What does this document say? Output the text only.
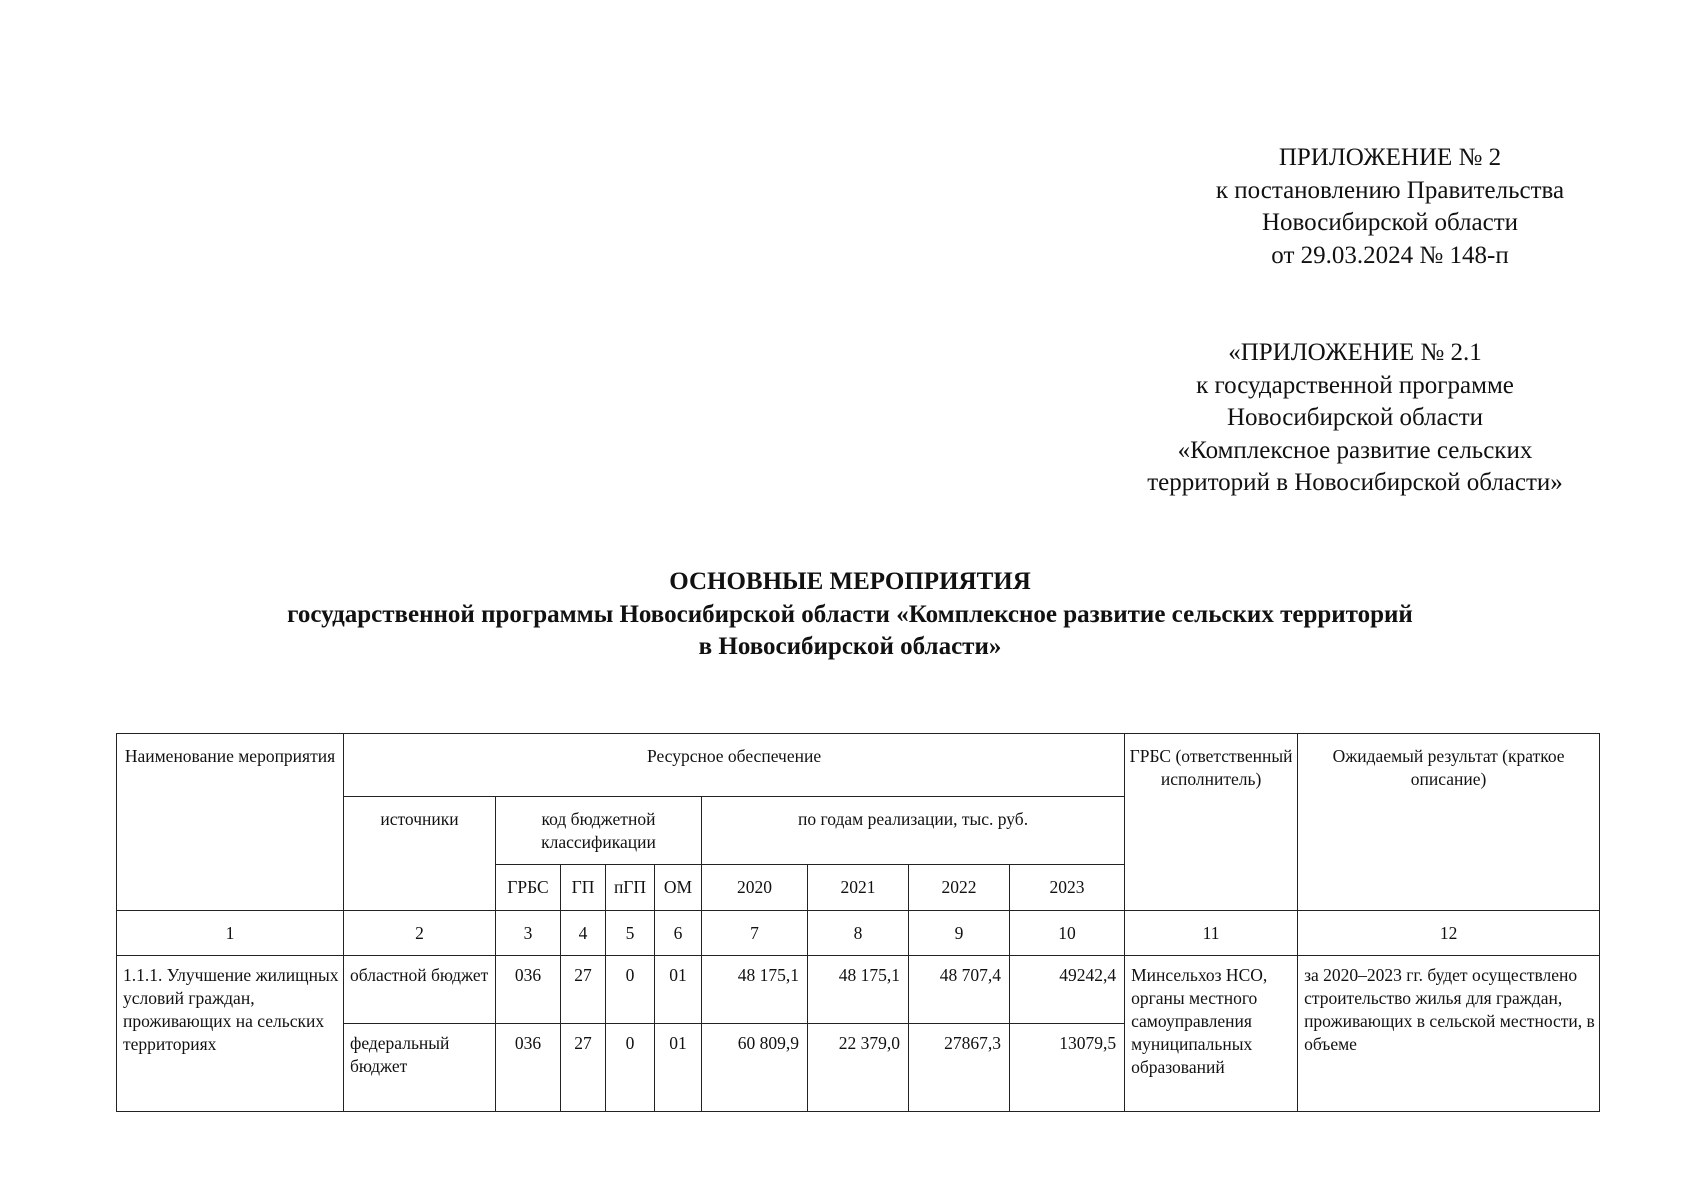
ПРИЛОЖЕНИЕ № 2
к постановлению Правительства
Новосибирской области
от 29.03.2024 № 148-п
«ПРИЛОЖЕНИЕ № 2.1
к государственной программе
Новосибирской области
«Комплексное развитие сельских
территорий в Новосибирской области»
ОСНОВНЫЕ МЕРОПРИЯТИЯ
государственной программы Новосибирской области «Комплексное развитие сельских территорий
в Новосибирской области»
Наименование мероприятия	Ресурсное обеспечение									ГРБС (ответственный исполнитель)	Ожидаемый результат (краткое описание)
	источники	код бюджетной классификации				по годам реализации, тыс. руб.					
		ГРБС	ГП	пГП	ОМ	2020	2021	2022	2023		
1	2	3	4	5	6	7	8	9	10	11	12
1.1.1. Улучшение жилищных условий граждан, проживающих на сельских территориях	областной бюджет	036	27	0	01	48 175,1	48 175,1	48 707,4	49242,4	Минсельхоз НСО, органы местного самоуправления муниципальных образований	за 2020–2023 гг. будет осуществлено строительство жилья для граждан, проживающих в сельской местности, в объеме
	федеральный бюджет	036	27	0	01	60 809,9	22 379,0	27867,3	13079,5		
